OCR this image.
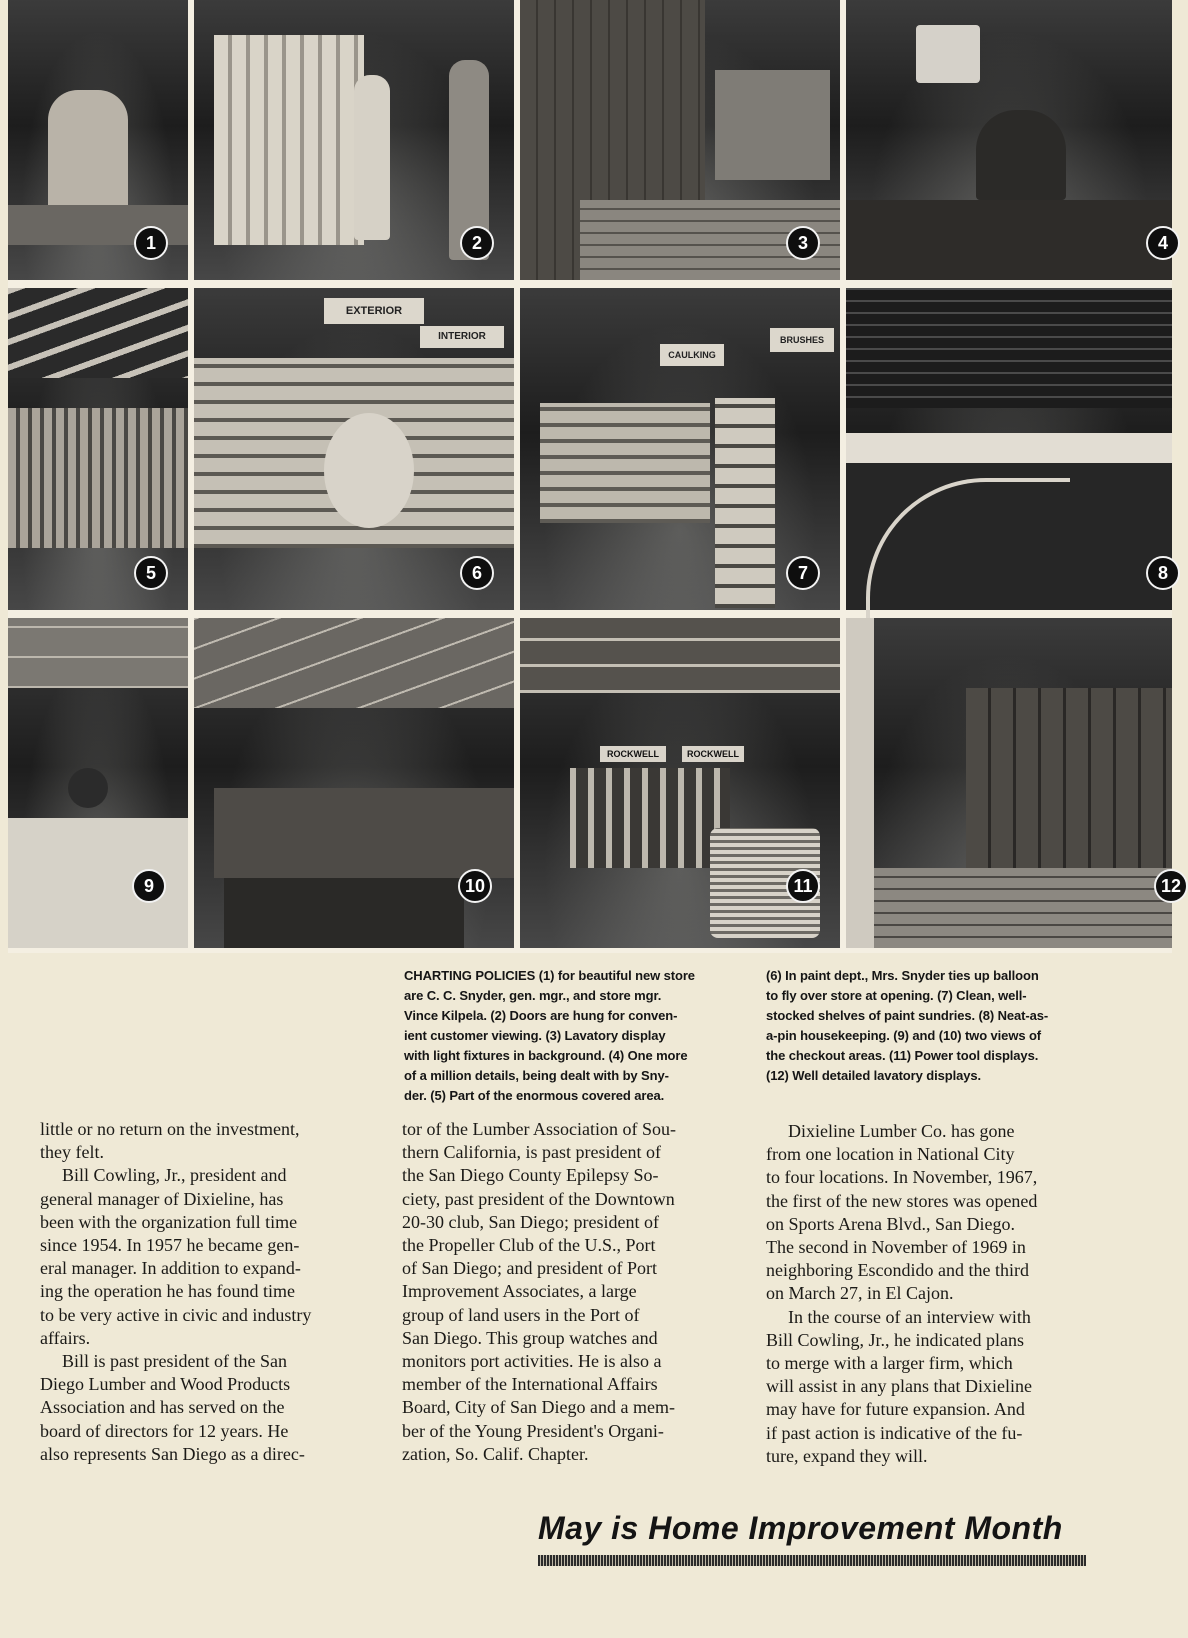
1	2	3	4
5
EXTERIOR
INTERIOR
6
CAULKING
BRUSHES
7	8
9	10
ROCKWELL	ROCKWELL
11	12

CHARTING POLICIES (1) for beautiful new store

are C. C. Snyder, gen. mgr., and store mgr.

Vince Kilpela. (2) Doors are hung for conven-

ient customer viewing. (3) Lavatory display

with light fixtures in background. (4) One more

of a million details, being dealt with by Sny-

der. (5) Part of the enormous covered area.

(6) In paint dept., Mrs. Snyder ties up balloon

to fly over store at opening. (7) Clean, well-

stocked shelves of paint sundries. (8) Neat-as-

a-pin housekeeping. (9) and (10) two views of

the checkout areas. (11) Power tool displays.

(12) Well detailed lavatory displays.

little or no return on the investment,

they felt.

Bill Cowling, Jr., president and

general manager of Dixieline, has

been with the organization full time

since 1954. In 1957 he became gen-

eral manager. In addition to expand-

ing the operation he has found time

to be very active in civic and industry

affairs.

Bill is past president of the San

Diego Lumber and Wood Products

Association and has served on the

board of directors for 12 years. He

also represents San Diego as a direc-

tor of the Lumber Association of Sou-

thern California, is past president of

the San Diego County Epilepsy So-

ciety, past president of the Downtown

20-30 club, San Diego; president of

the Propeller Club of the U.S., Port

of San Diego; and president of Port

Improvement Associates, a large

group of land users in the Port of

San Diego. This group watches and

monitors port activities. He is also a

member of the International Affairs

Board, City of San Diego and a mem-

ber of the Young President's Organi-

zation, So. Calif. Chapter.

Dixieline Lumber Co. has gone

from one location in National City

to four locations. In November, 1967,

the first of the new stores was opened

on Sports Arena Blvd., San Diego.

The second in November of 1969 in

neighboring Escondido and the third

on March 27, in El Cajon.

In the course of an interview with

Bill Cowling, Jr., he indicated plans

to merge with a larger firm, which

will assist in any plans that Dixieline

may have for future expansion. And

if past action is indicative of the fu-

ture, expand they will.

May is Home Improvement Month
